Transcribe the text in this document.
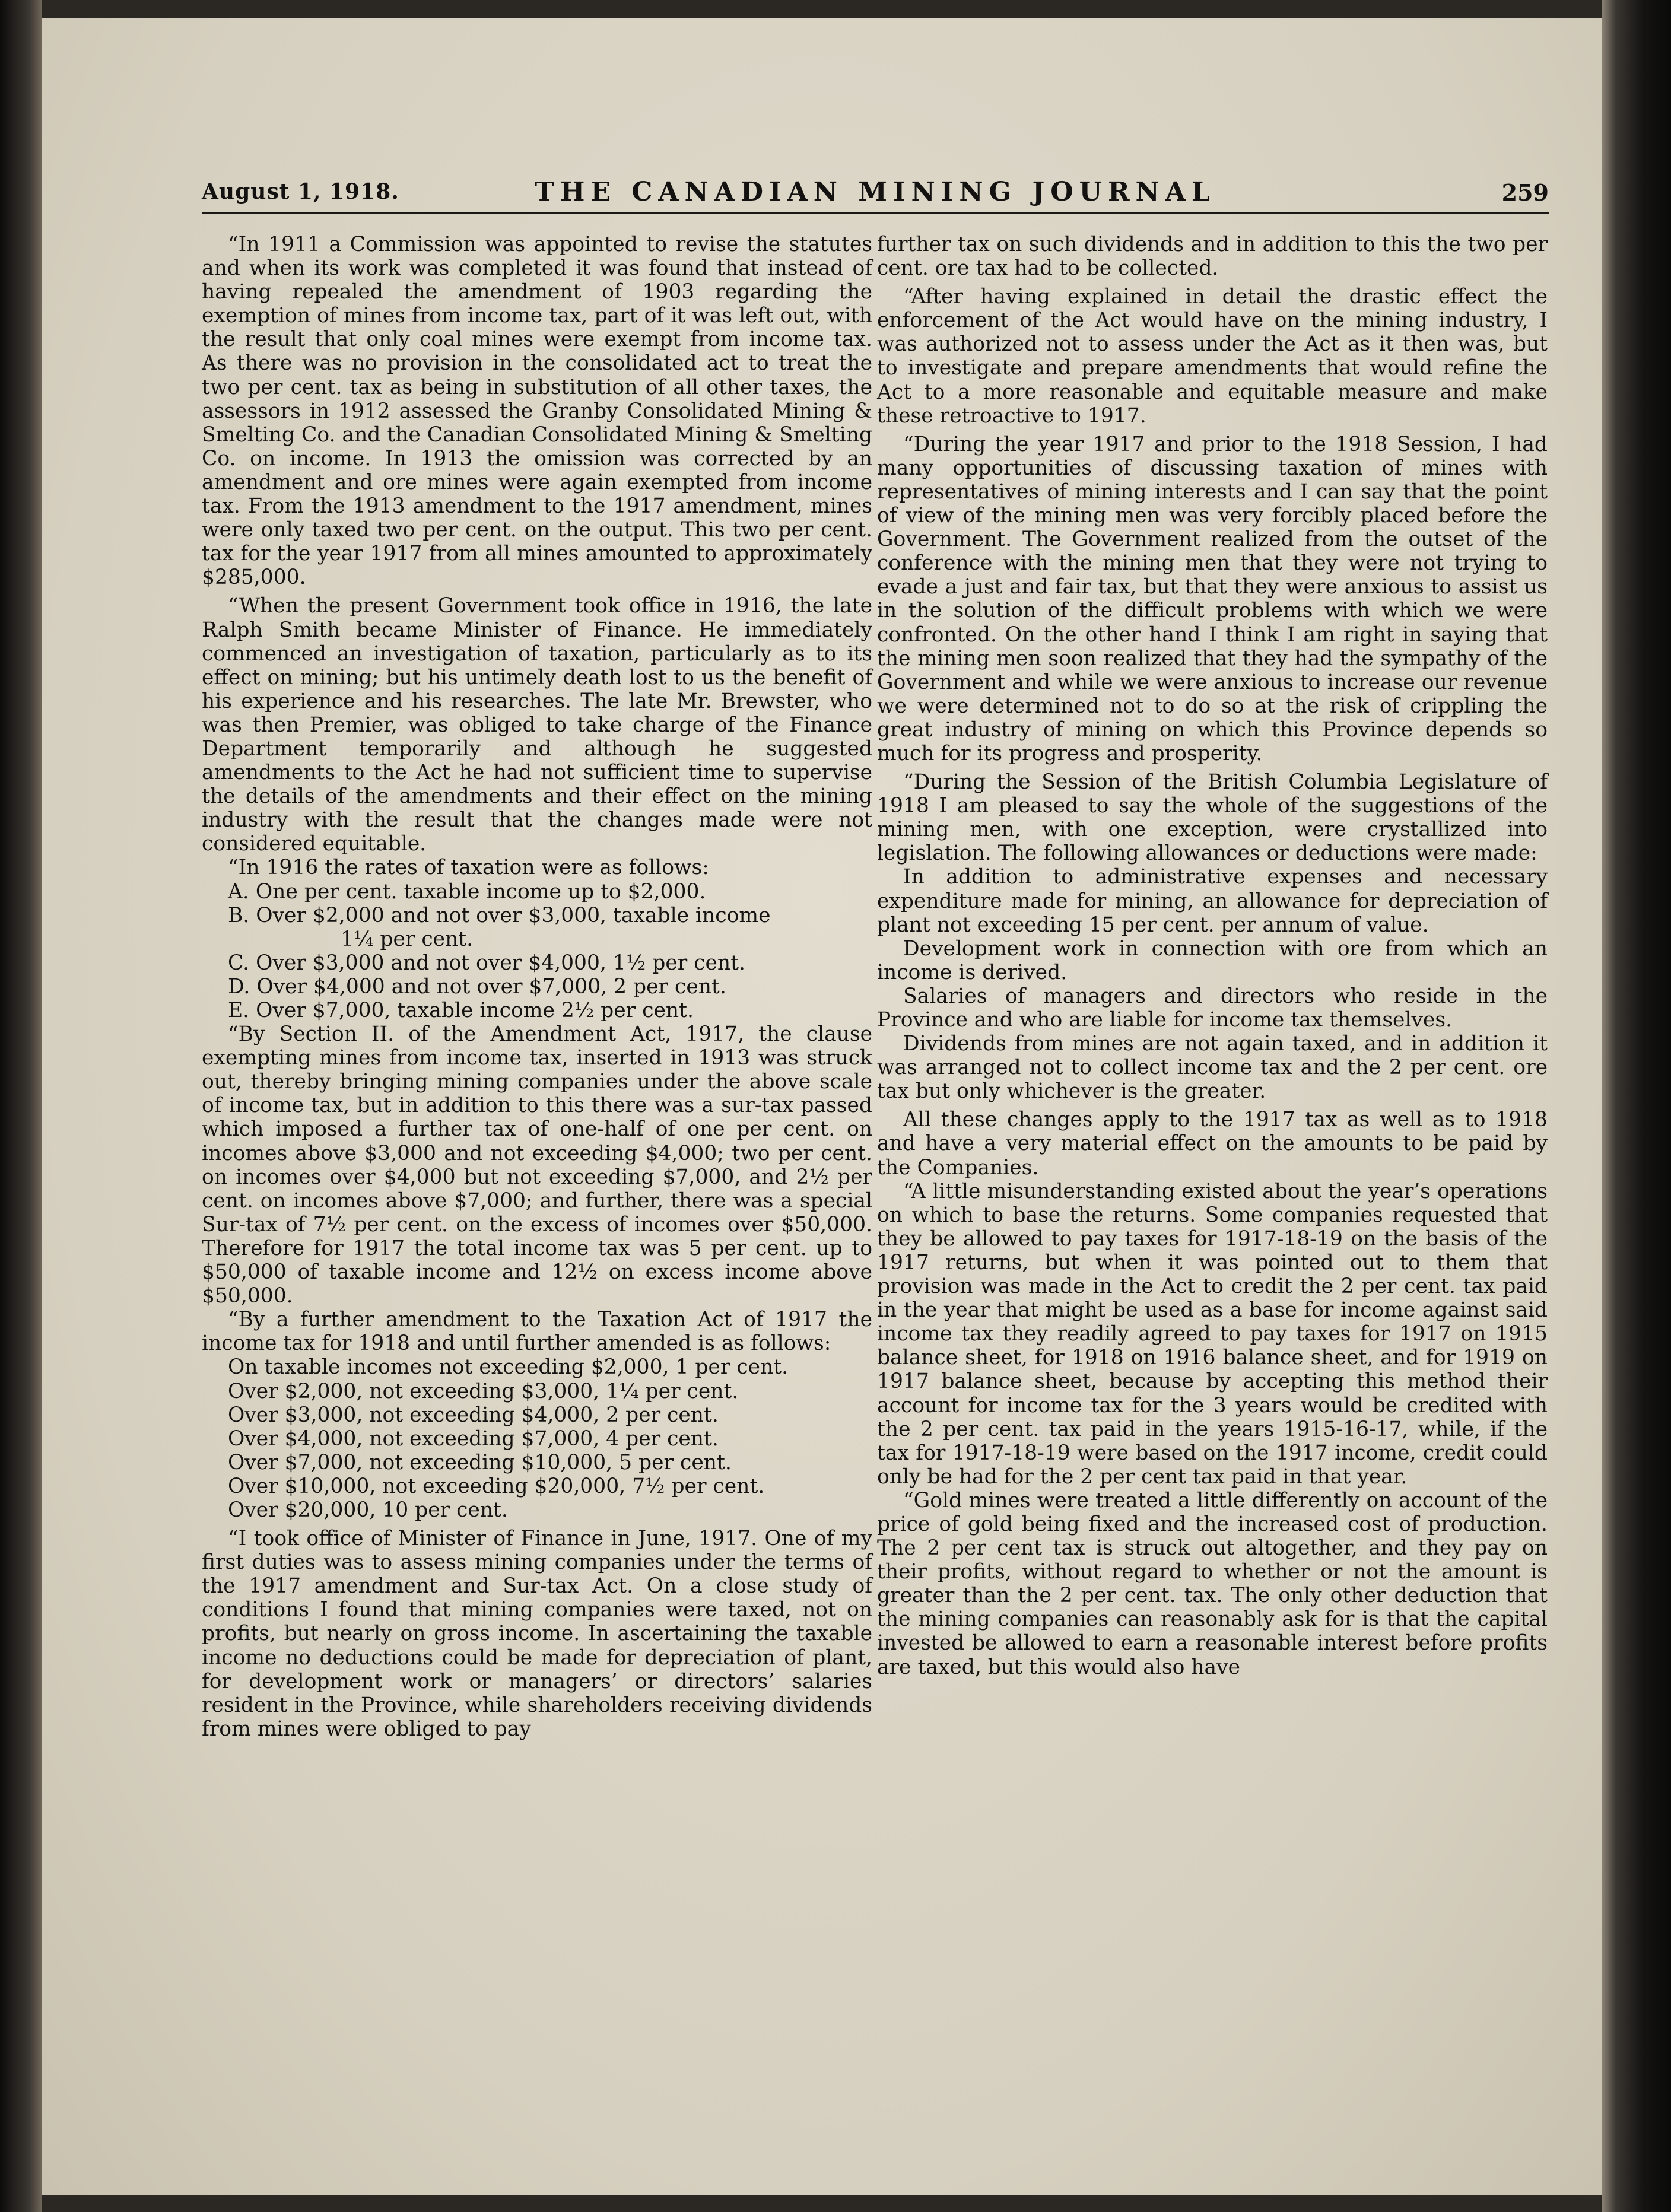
August 1, 1918.	THE CANADIAN MINING JOURNAL	259

“In 1911 a Commission was appointed to revise the statutes and when its work was completed it was found that instead of having repealed the amendment of 1903 regarding the exemption of mines from income tax, part of it was left out, with the result that only coal mines were exempt from income tax. As there was no provision in the consolidated act to treat the two per cent. tax as being in substitution of all other taxes, the assessors in 1912 assessed the Granby Consolidated Mining & Smelting Co. and the Canadian Consolidated Mining & Smelting Co. on income. In 1913 the omission was corrected by an amendment and ore mines were again exempted from income tax. From the 1913 amendment to the 1917 amendment, mines were only taxed two per cent. on the output. This two per cent. tax for the year 1917 from all mines amounted to approximately $285,000.

“When the present Government took office in 1916, the late Ralph Smith became Minister of Finance. He immediately commenced an investigation of taxation, particularly as to its effect on mining; but his untimely death lost to us the benefit of his experience and his researches. The late Mr. Brewster, who was then Premier, was obliged to take charge of the Finance Department temporarily and although he suggested amendments to the Act he had not sufficient time to supervise the details of the amendments and their effect on the mining industry with the result that the changes made were not considered equitable.

“In 1916 the rates of taxation were as follows:

A. One per cent. taxable income up to $2,000.
B. Over $2,000 and not over $3,000, taxable income
1¼ per cent.
C. Over $3,000 and not over $4,000, 1½ per cent.
D. Over $4,000 and not over $7,000, 2 per cent.
E. Over $7,000, taxable income 2½ per cent.

“By Section II. of the Amendment Act, 1917, the clause exempting mines from income tax, inserted in 1913 was struck out, thereby bringing mining companies under the above scale of income tax, but in addition to this there was a sur-tax passed which imposed a further tax of one-half of one per cent. on incomes above $3,000 and not exceeding $4,000; two per cent. on incomes over $4,000 but not exceeding $7,000, and 2½ per cent. on incomes above $7,000; and further, there was a special Sur-tax of 7½ per cent. on the excess of incomes over $50,000. Therefore for 1917 the total income tax was 5 per cent. up to $50,000 of taxable income and 12½ on excess income above $50,000.

“By a further amendment to the Taxation Act of 1917 the income tax for 1918 and until further amended is as follows:

On taxable incomes not exceeding $2,000, 1 per cent.
Over $2,000, not exceeding $3,000, 1¼ per cent.
Over $3,000, not exceeding $4,000, 2 per cent.
Over $4,000, not exceeding $7,000, 4 per cent.
Over $7,000, not exceeding $10,000, 5 per cent.
Over $10,000, not exceeding $20,000, 7½ per cent.
Over $20,000, 10 per cent.

“I took office of Minister of Finance in June, 1917. One of my first duties was to assess mining companies under the terms of the 1917 amendment and Sur-tax Act. On a close study of conditions I found that mining companies were taxed, not on profits, but nearly on gross income. In ascertaining the taxable income no deductions could be made for depreciation of plant, for development work or managers’ or directors’ salaries resident in the Province, while shareholders receiving dividends from mines were obliged to pay

further tax on such dividends and in addition to this the two per cent. ore tax had to be collected.

“After having explained in detail the drastic effect the enforcement of the Act would have on the mining industry, I was authorized not to assess under the Act as it then was, but to investigate and prepare amendments that would refine the Act to a more reasonable and equitable measure and make these retroactive to 1917.

“During the year 1917 and prior to the 1918 Session, I had many opportunities of discussing taxation of mines with representatives of mining interests and I can say that the point of view of the mining men was very forcibly placed before the Government. The Government realized from the outset of the conference with the mining men that they were not trying to evade a just and fair tax, but that they were anxious to assist us in the solution of the difficult problems with which we were confronted. On the other hand I think I am right in saying that the mining men soon realized that they had the sympathy of the Government and while we were anxious to increase our revenue we were determined not to do so at the risk of crippling the great industry of mining on which this Province depends so much for its progress and prosperity.

“During the Session of the British Columbia Legislature of 1918 I am pleased to say the whole of the suggestions of the mining men, with one exception, were crystallized into legislation. The following allowances or deductions were made:

In addition to administrative expenses and necessary expenditure made for mining, an allowance for depreciation of plant not exceeding 15 per cent. per annum of value.

Development work in connection with ore from which an income is derived.

Salaries of managers and directors who reside in the Province and who are liable for income tax themselves.

Dividends from mines are not again taxed, and in addition it was arranged not to collect income tax and the 2 per cent. ore tax but only whichever is the greater.

All these changes apply to the 1917 tax as well as to 1918 and have a very material effect on the amounts to be paid by the Companies.

“A little misunderstanding existed about the year’s operations on which to base the returns. Some companies requested that they be allowed to pay taxes for 1917-18-19 on the basis of the 1917 returns, but when it was pointed out to them that provision was made in the Act to credit the 2 per cent. tax paid in the year that might be used as a base for income against said income tax they readily agreed to pay taxes for 1917 on 1915 balance sheet, for 1918 on 1916 balance sheet, and for 1919 on 1917 balance sheet, because by accepting this method their account for income tax for the 3 years would be credited with the 2 per cent. tax paid in the years 1915-16-17, while, if the tax for 1917-18-19 were based on the 1917 income, credit could only be had for the 2 per cent tax paid in that year.

“Gold mines were treated a little differently on account of the price of gold being fixed and the increased cost of production. The 2 per cent tax is struck out altogether, and they pay on their profits, without regard to whether or not the amount is greater than the 2 per cent. tax. The only other deduction that the mining companies can reasonably ask for is that the capital invested be allowed to earn a reasonable interest before profits are taxed, but this would also have
